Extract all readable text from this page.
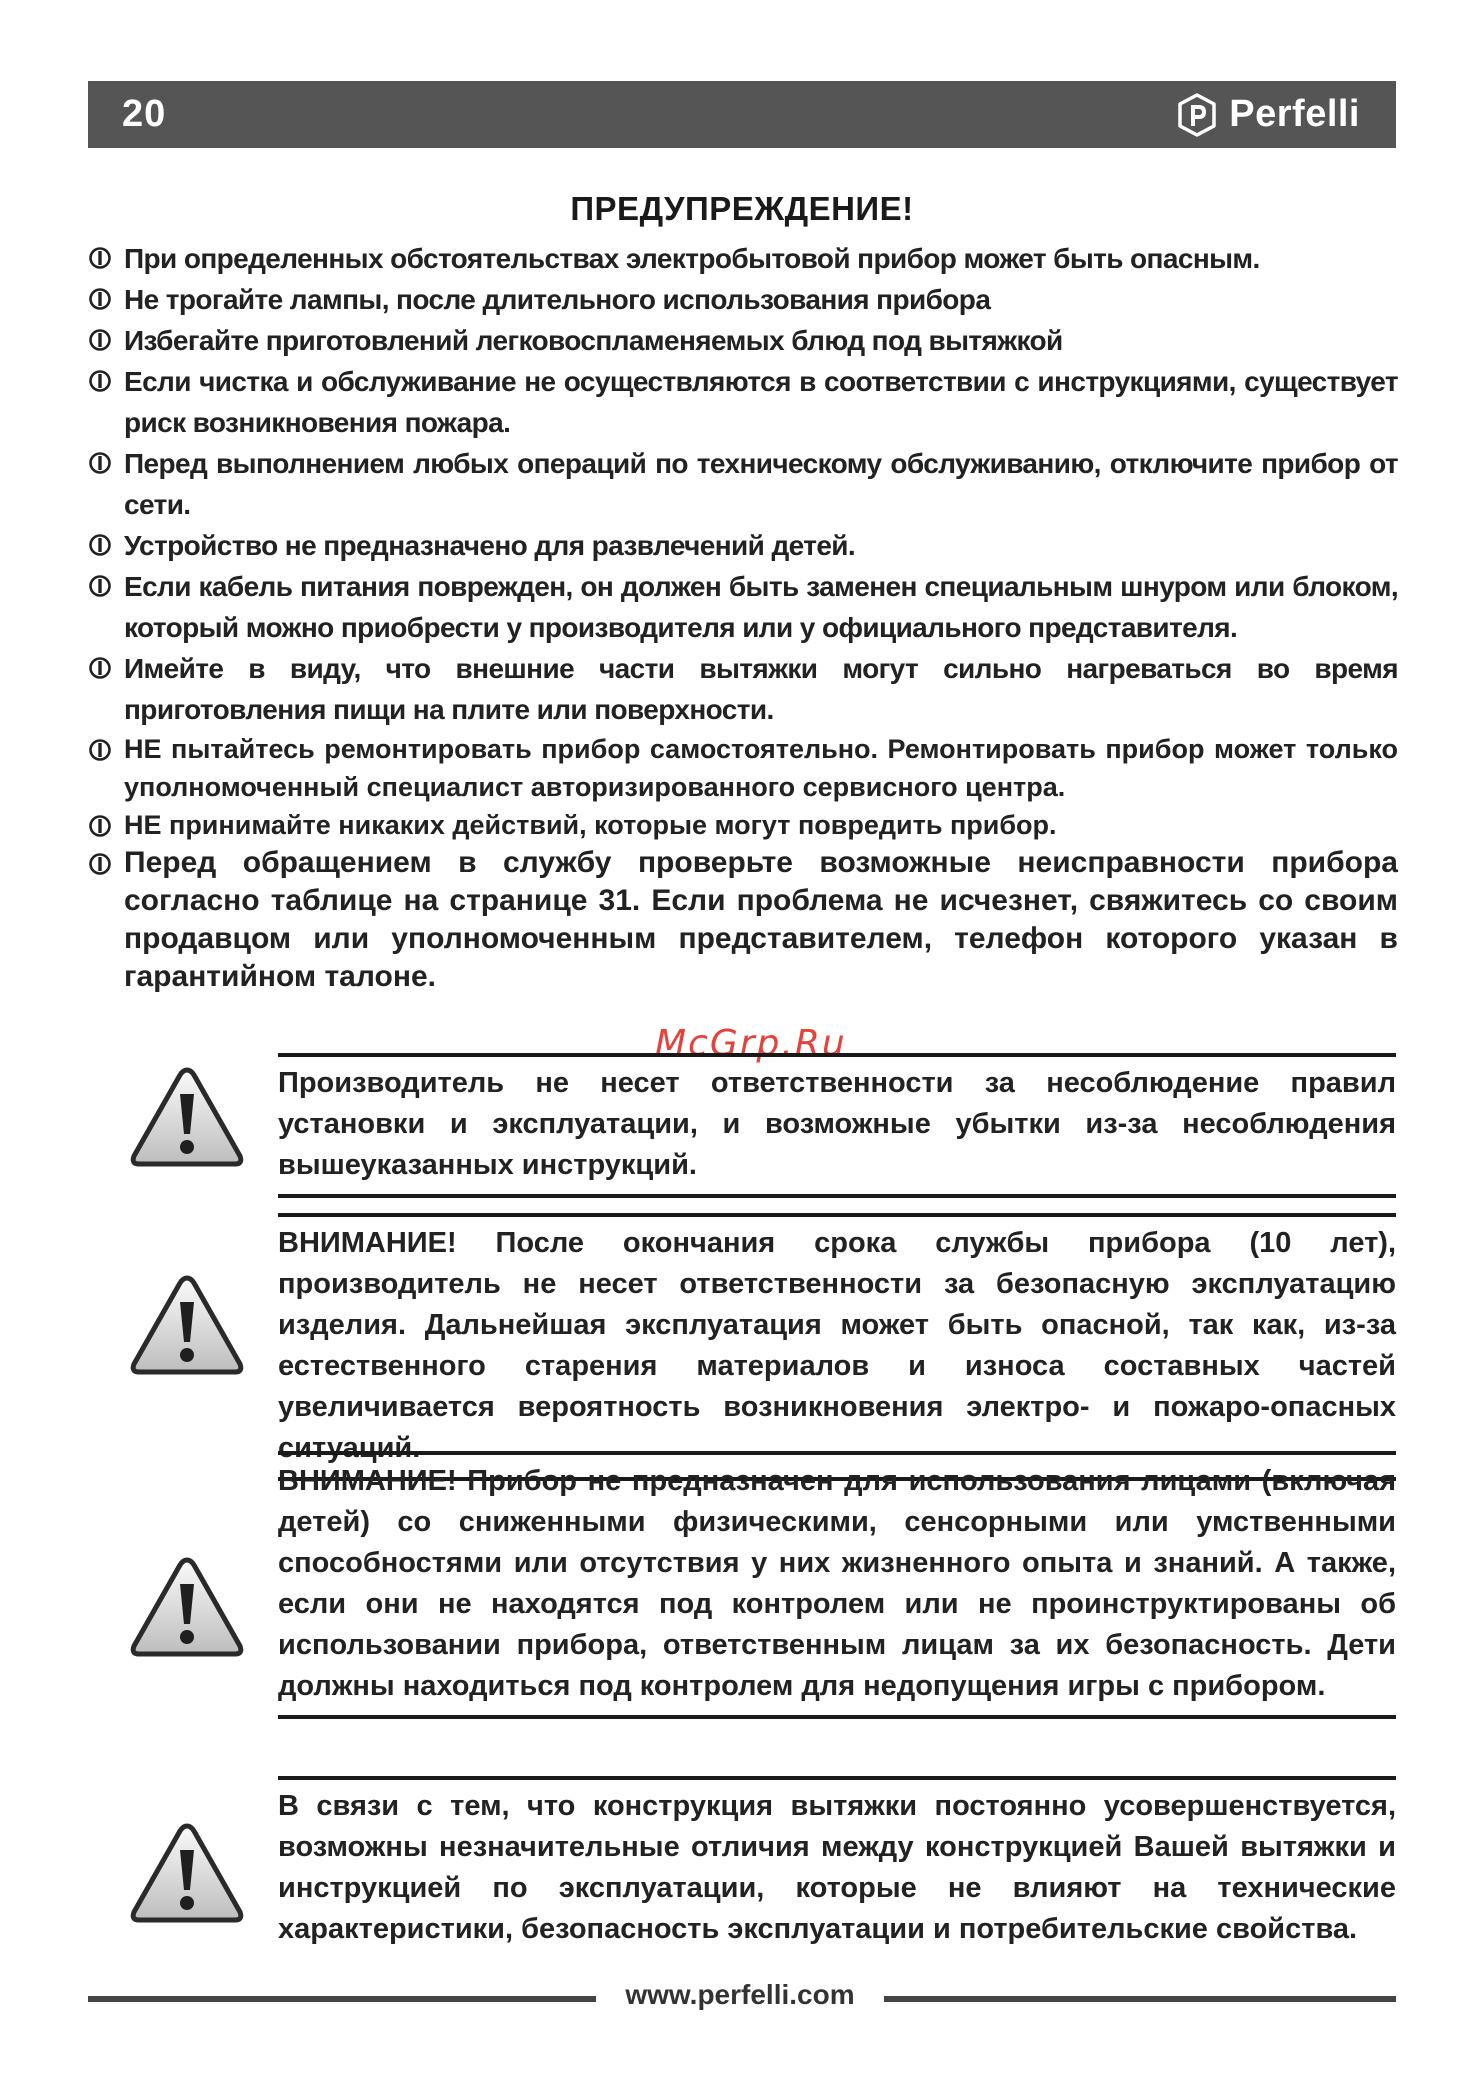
20	Perfelli
ПРЕДУПРЕЖДЕНИЕ!
При определенных обстоятельствах электробытовой прибор может быть опасным.
Не трогайте лампы, после длительного использования прибора
Избегайте приготовлений легковоспламеняемых блюд под вытяжкой
Если чистка и обслуживание не осуществляются в соответствии с инструкциями, существует риск возникновения пожара.
Перед выполнением любых операций по техническому обслуживанию, отключите прибор от сети.
Устройство не предназначено для развлечений детей.
Если кабель питания поврежден, он должен быть заменен специальным шнуром или блоком, который можно приобрести у производителя или у официального представителя.
Имейте в виду, что внешние части вытяжки могут сильно нагреваться во время приготовления пищи на плите или поверхности.
НЕ пытайтесь ремонтировать прибор самостоятельно. Ремонтировать прибор может только уполномоченный специалист авторизированного сервисного центра.
НЕ принимайте никаких действий, которые могут повредить прибор.
Перед обращением в службу проверьте возможные неисправности прибора согласно таблице на странице 31. Если проблема не исчезнет, свяжитесь со своим продавцом или уполномоченным представителем, телефон которого указан в гарантийном талоне.
McGrp.Ru
Производитель не несет ответственности за несоблюдение правил установки и эксплуатации, и возможные убытки из-за несоблюдения вышеуказанных инструкций.
ВНИМАНИЕ! После окончания срока службы прибора (10 лет), производитель не несет ответственности за безопасную эксплуатацию изделия. Дальнейшая эксплуатация может быть опасной, так как, из-за естественного старения материалов и износа составных частей увеличивается вероятность возникновения электро- и пожаро-опасных ситуаций.
ВНИМАНИЕ! Прибор не предназначен для использования лицами (включая детей) со сниженными физическими, сенсорными или умственными способностями или отсутствия у них жизненного опыта и знаний. А также, если они не находятся под контролем или не проинструктированы об использовании прибора, ответственным лицам за их безопасность. Дети должны находиться под контролем для недопущения игры с прибором.
В связи с тем, что конструкция вытяжки постоянно усовершенствуется, возможны незначительные отличия между конструкцией Вашей вытяжки и инструкцией по эксплуатации, которые не влияют на технические характеристики, безопасность эксплуатации и потребительские свойства.
www.perfelli.com
